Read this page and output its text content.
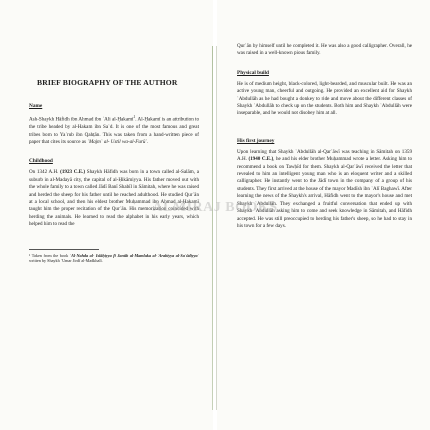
BRIEF BIOGRAPHY OF THE AUTHOR
Name

Ash-Shaykh Hāfidh ibn Ahmad ibn ʿAli al-Ḥakamī$^1$. Al-Ḥakamī is an attribution to the tribe headed by al-Hakam ibn Saʿd. It is one of the most famous and great tribes born to Yaʿrub ibn Qahṭān. This was taken from a hand-written piece of paper that cites its source as ʿMajmʿ al- Ustil wa-al-Furūʿ.

Childhood

On 1342 A.H. (1923 C.E.) Shaykh Hāfidh was born in a town called al-Salām, a suburb in al-Madayā city, the capital of al-Ḥikāmiyya. His father moved out with the whole family to a town called Jādī Banī Shabīl in Sāmitah, where he was raised and herded the sheep for his father until he reached adulthood. He studied Qurʾān at a local school, and then his eldest brother Muḥammad ibn Aḥmad al-Ḥakamī taught him the proper recitation of the Qurʾān. His memorization coincided with herding the animals. He learned to read the alphabet in his early years, which helped him to read the

¹ Taken from the book ʿAl-Nahda al- Islāḥiyya fī Janūb al-Mamlaka al-ʿArabiyya al-Saʿūdiyyaʾ written by Shaykh ʿUmar Jirdī al-Madkhalī.

Qurʾān by himself until he completed it. He was also a good calligrapher. Overall, he was raised in a well-known pious family.

Physical build

He is of medium height, black-colored, light-bearded, and muscular built. He was an active young man, cheerful and outgoing. He provided an excellent aid for Shaykh ʿAbdullāh as he had bought a donkey to ride and move about the different classes of Shaykh ʿAbdullāh to check up on the students. Both him and Shaykh ʿAbdullāh were inseparable, and he would not disobey him at all.

His first journey

Upon learning that Shaykh ʿAbdullāh al-Qarʿāwī was teaching in Sāmitah on 1359 A.H. (1940 C.E.), he and his elder brother Muḥammad wrote a letter. Asking him to recommend a book on Tawḥīd for them. Shaykh al-Qarʿāwī received the letter that revealed to him an intelligent young man who is an eloquent writer and a skilled calligrapher. He instantly went to the Jādī town in the company of a group of his students. They first arrived at the house of the mayor Madīsh ibn ʿAlī Baghawī. After learning the news of the Shaykh's arrival, Hāfidh went to the mayor's house and met Shaykh ʿAbdullāh. They exchanged a fruitful conversation that ended up with Shaykh ʿAbdullāh asking him to come and seek knowledge in Sāmitah, and Hāfidh accepted. He was still preoccupied to herding his father's sheep, so he had to stay in his town for a few days.

ALMIRAJ BOOKS
